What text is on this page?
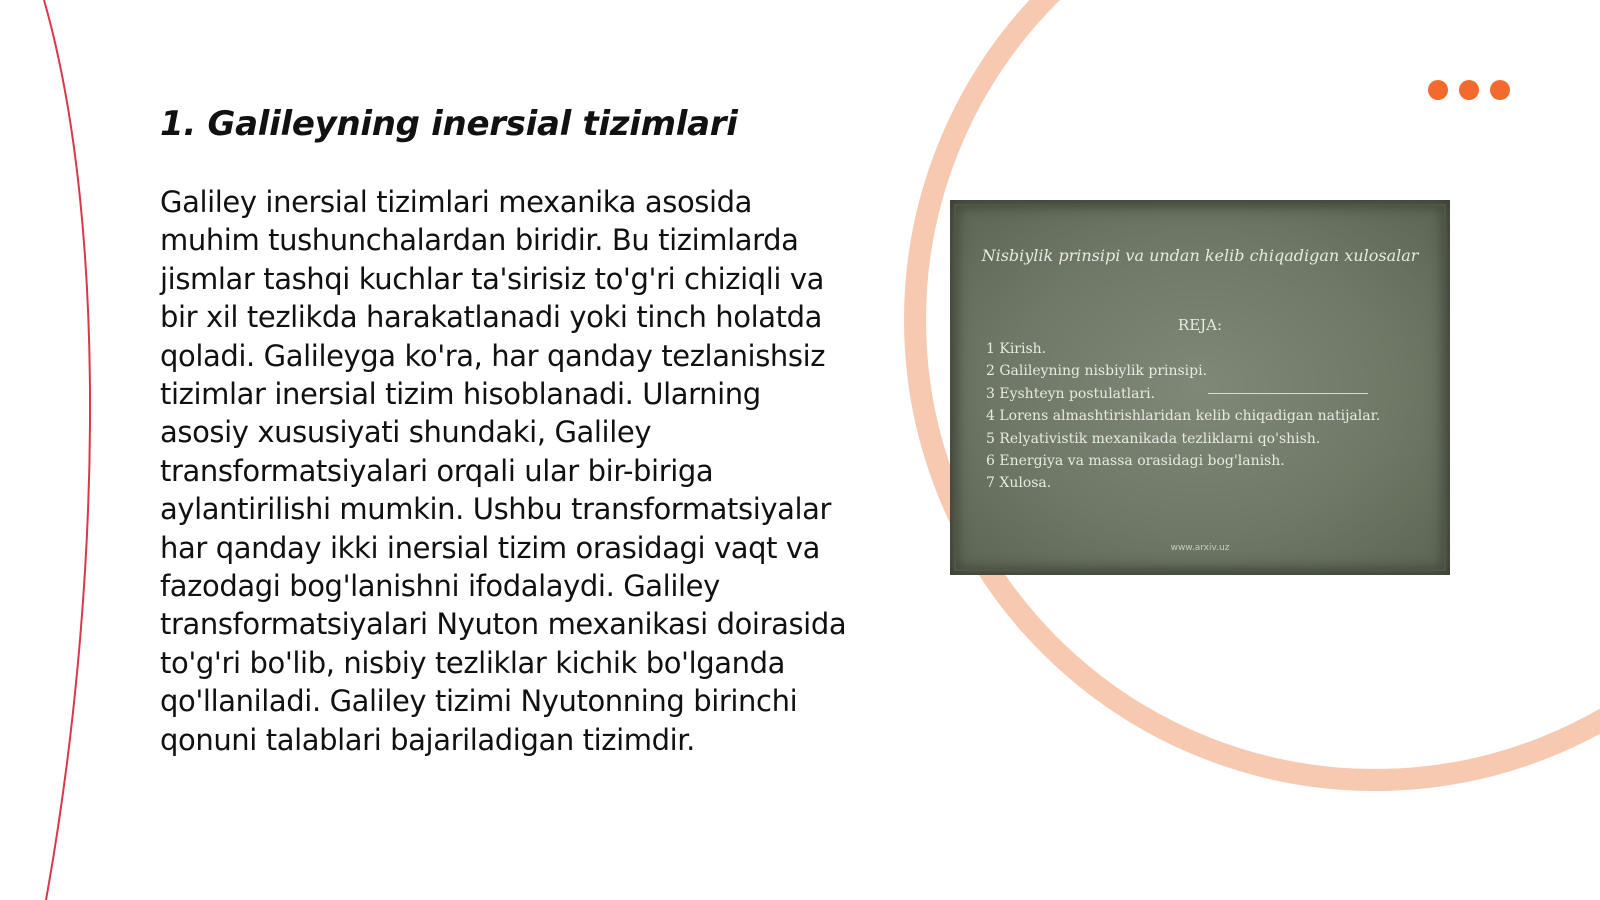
1. Galileyning inersial tizimlari

Galiley inersial tizimlari mexanika asosida muhim tushunchalardan biridir. Bu tizimlarda jismlar tashqi kuchlar ta'sirisiz to'g'ri chiziqli va bir xil tezlikda harakatlanadi yoki tinch holatda qoladi. Galileyga ko'ra, har qanday tezlanishsiz tizimlar inersial tizim hisoblanadi. Ularning asosiy xususiyati shundaki, Galiley transformatsiyalari orqali ular bir-biriga aylantirilishi mumkin. Ushbu transformatsiyalar har qanday ikki inersial tizim orasidagi vaqt va fazodagi bog'lanishni ifodalaydi. Galiley transformatsiyalari Nyuton mexanikasi doirasida to'g'ri bo'lib, nisbiy tezliklar kichik bo'lganda qo'llaniladi. Galiley tizimi Nyutonning birinchi qonuni talablari bajariladigan tizimdir.

Nisbiylik prinsipi va undan kelib chiqadigan xulosalar
REJA:
1 Kirish.
2 Galileyning nisbiylik prinsipi.
3 Eyshteyn postulatlari.
4 Lorens almashtirishlaridan kelib chiqadigan natijalar.
5 Relyativistik mexanikada tezliklarni qo'shish.
6 Energiya va massa orasidagi bog'lanish.
7 Xulosa.
www.arxiv.uz
